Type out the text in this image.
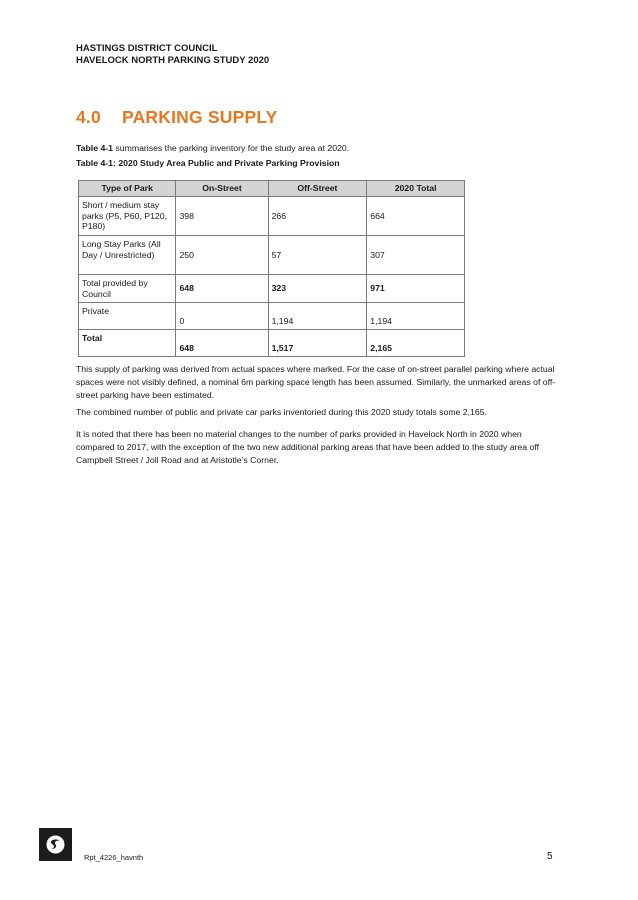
HASTINGS DISTRICT COUNCIL
HAVELOCK NORTH PARKING STUDY 2020
4.0 PARKING SUPPLY
Table 4-1 summarises the parking inventory for the study area at 2020.
Table 4-1: 2020 Study Area Public and Private Parking Provision
Type of Park	On-Street	Off-Street	2020 Total
Short / medium stay parks (P5, P60, P120, P180)	398	266	664
Long Stay Parks (All Day / Unrestricted)	250	57	307
Total provided by Council	648	323	971
Private	0	1,194	1,194
Total	648	1,517	2,165
This supply of parking was derived from actual spaces where marked. For the case of on-street parallel parking where actual spaces were not visibly defined, a nominal 6m parking space length has been assumed. Similarly, the unmarked areas of off-street parking have been estimated.
The combined number of public and private car parks inventoried during this 2020 study totals some 2,165.
It is noted that there has been no material changes to the number of parks provided in Havelock North in 2020 when compared to 2017, with the exception of the two new additional parking areas that have been added to the study area off Campbell Street / Joll Road and at Aristotle’s Corner.
Rpt_4226_havnth	5
